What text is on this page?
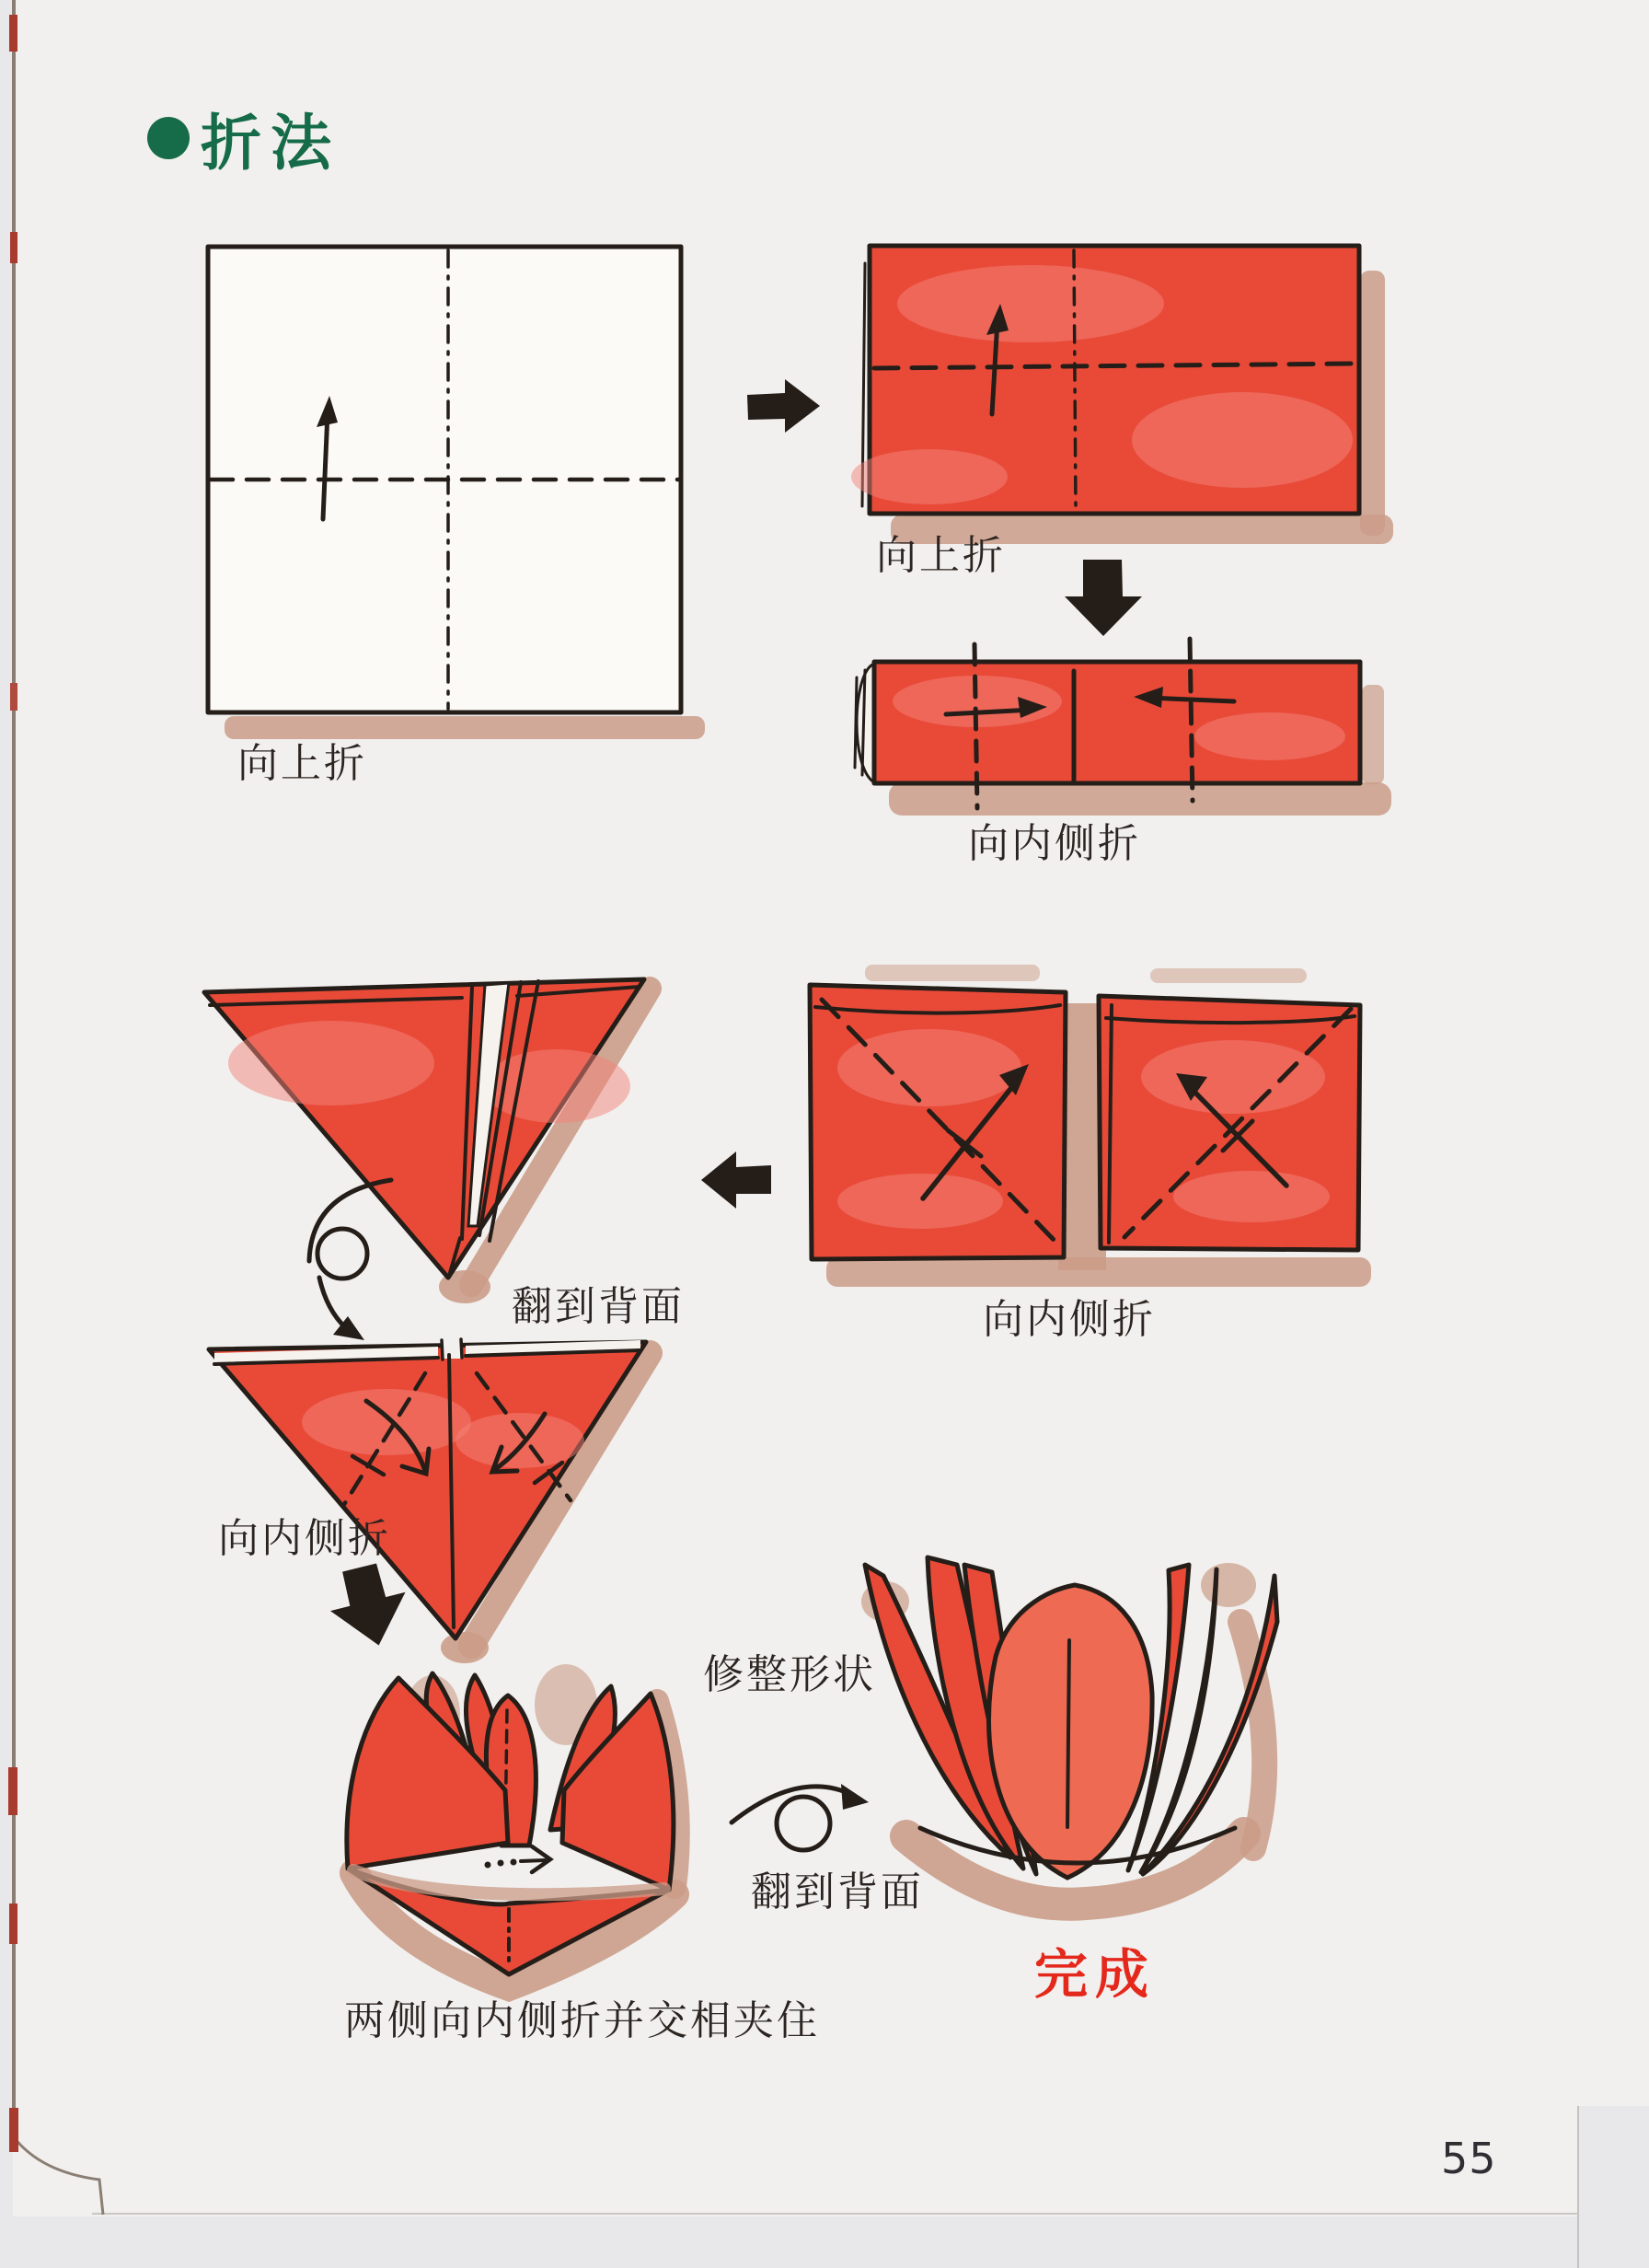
折法
向上折
向上折
向内侧折
向内侧折
翻到背面
向内侧折
两侧向内侧折并交相夹住
翻到背面
修整形状
完成
55
